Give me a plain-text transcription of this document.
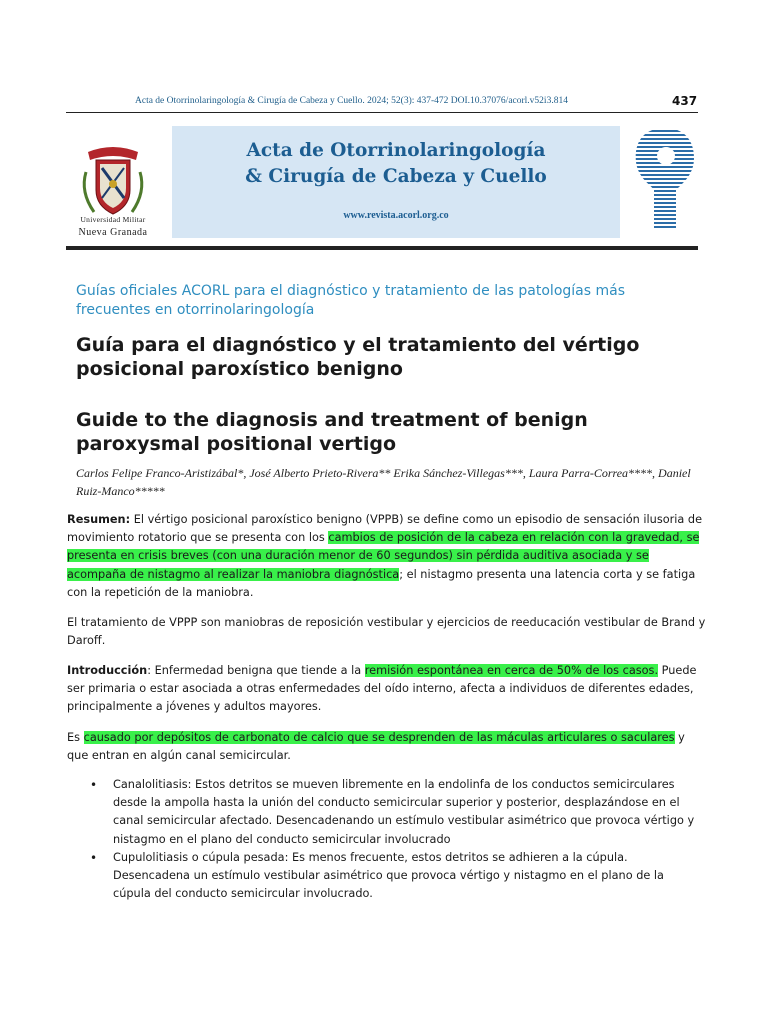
Acta de Otorrinolaringología & Cirugía de Cabeza y Cuello. 2024; 52(3): 437-472 DOI.10.37076/acorl.v52i3.814	437
Universidad Militar
Nueva Granada
Acta de Otorrinolaringología
& Cirugía de Cabeza y Cuello
www.revista.acorl.org.co
Guías oficiales ACORL para el diagnóstico y tratamiento de las patologías más frecuentes en otorrinolaringología
Guía para el diagnóstico y el tratamiento del vértigo posicional paroxístico benigno
Guide to the diagnosis and treatment of benign paroxysmal positional vertigo
Carlos Felipe Franco-Aristizábal*, José Alberto Prieto-Rivera** Erika Sánchez-Villegas***, Laura Parra-Correa****, Daniel Ruiz-Manco*****

Resumen: El vértigo posicional paroxístico benigno (VPPB) se define como un episodio de sensación ilusoria de movimiento rotatorio que se presenta con los cambios de posición de la cabeza en relación con la gravedad, se presenta en crisis breves (con una duración menor de 60 segundos) sin pérdida auditiva asociada y se acompaña de nistagmo al realizar la maniobra diagnóstica; el nistagmo presenta una latencia corta y se fatiga con la repetición de la maniobra.

El tratamiento de VPPP son maniobras de reposición vestibular y ejercicios de reeducación vestibular de Brand y Daroff.

Introducción: Enfermedad benigna que tiende a la remisión espontánea en cerca de 50% de los casos. Puede ser primaria o estar asociada a otras enfermedades del oído interno, afecta a individuos de diferentes edades, principalmente a jóvenes y adultos mayores.

Es causado por depósitos de carbonato de calcio que se desprenden de las máculas articulares o saculares y que entran en algún canal semicircular.

• Canalolitiasis: Estos detritos se mueven libremente en la endolinfa de los conductos semicirculares desde la ampolla hasta la unión del conducto semicircular superior y posterior, desplazándose en el canal semicircular afectado. Desencadenando un estímulo vestibular asimétrico que provoca vértigo y nistagmo en el plano del conducto semicircular involucrado
• Cupulolitiasis o cúpula pesada: Es menos frecuente, estos detritos se adhieren a la cúpula. Desencadena un estímulo vestibular asimétrico que provoca vértigo y nistagmo en el plano de la cúpula del conducto semicircular involucrado.
